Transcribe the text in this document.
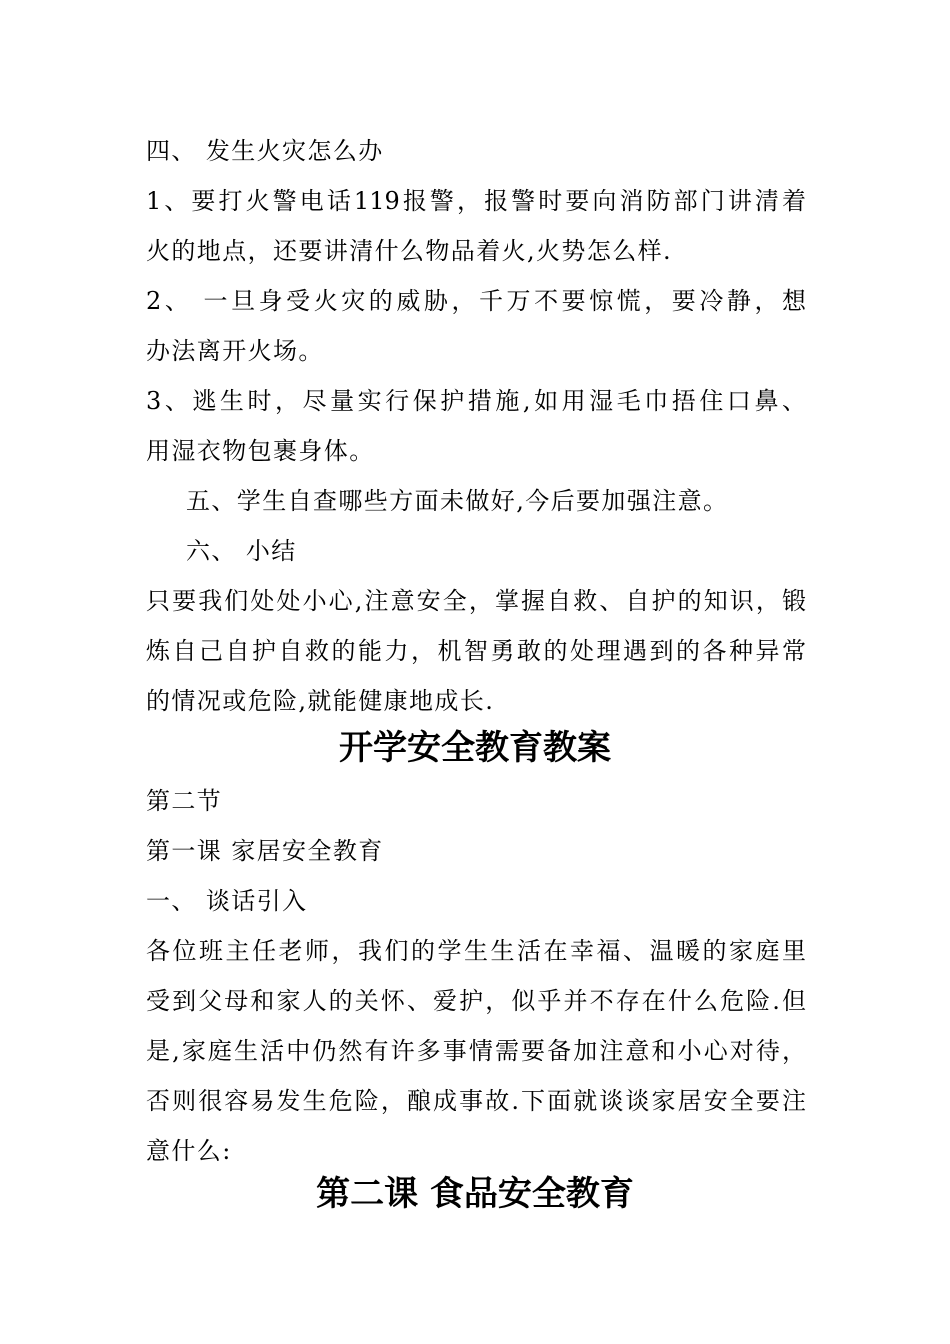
四、 发生火灾怎么办
1、要打火警电话119报警，报警时要向消防部门讲清着
火的地点，还要讲清什么物品着火,火势怎么样.
2、 一旦身受火灾的威胁，千万不要惊慌，要冷静，想
办法离开火场。
3、逃生时，尽量实行保护措施,如用湿毛巾捂住口鼻、
用湿衣物包裹身体。
五、学生自查哪些方面未做好,今后要加强注意。
六、 小结
只要我们处处小心,注意安全，掌握自救、自护的知识，锻
炼自己自护自救的能力，机智勇敢的处理遇到的各种异常
的情况或危险,就能健康地成长.
开学安全教育教案
第二节
第一课 家居安全教育
一、 谈话引入
各位班主任老师，我们的学生生活在幸福、温暖的家庭里
受到父母和家人的关怀、爱护，似乎并不存在什么危险.但
是,家庭生活中仍然有许多事情需要备加注意和小心对待，
否则很容易发生危险，酿成事故.下面就谈谈家居安全要注
意什么:
第二课 食品安全教育
